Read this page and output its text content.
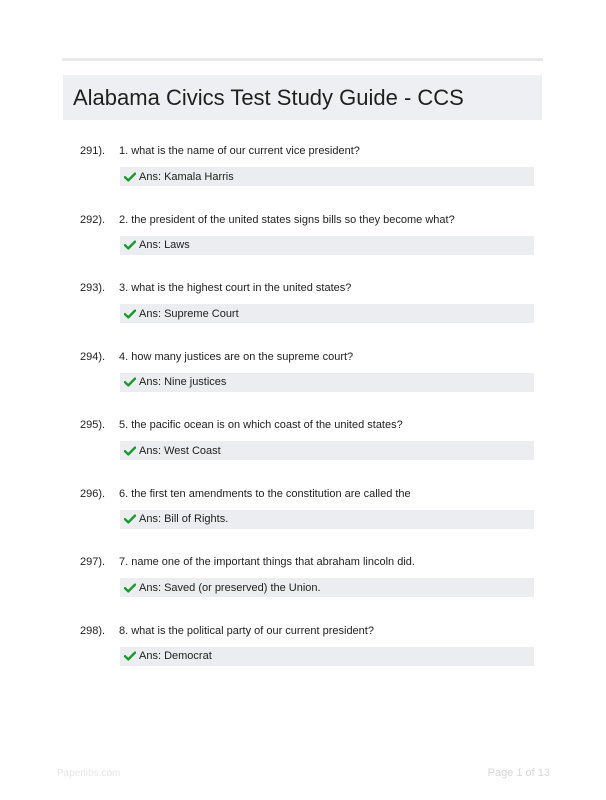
Alabama Civics Test Study Guide - CCS
291). 1. what is the name of our current vice president?
Ans: Kamala Harris
292). 2. the president of the united states signs bills so they become what?
Ans: Laws
293). 3. what is the highest court in the united states?
Ans: Supreme Court
294). 4. how many justices are on the supreme court?
Ans: Nine justices
295). 5. the pacific ocean is on which coast of the united states?
Ans: West Coast
296). 6. the first ten amendments to the constitution are called the
Ans: Bill of Rights.
297). 7. name one of the important things that abraham lincoln did.
Ans: Saved (or preserved) the Union.
298). 8. what is the political party of our current president?
Ans: Democrat
Paperlibs.com	Page 1 of 13
